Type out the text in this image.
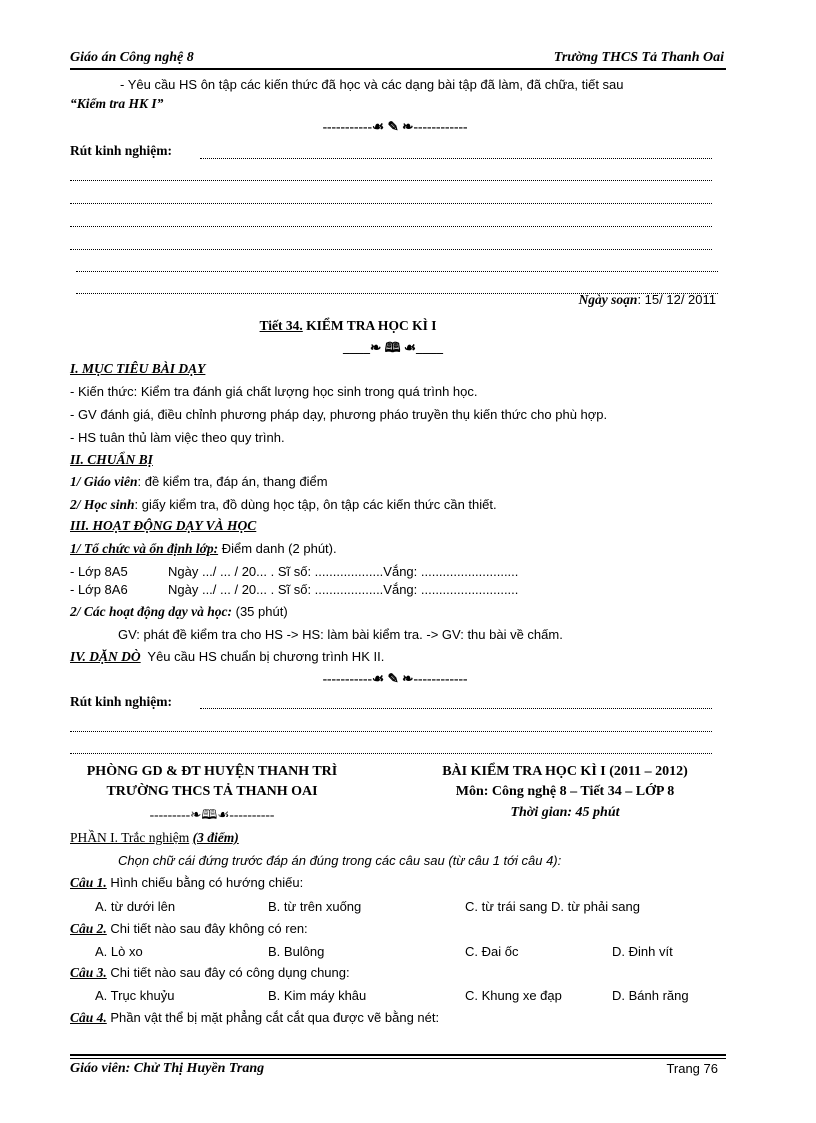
Giáo án Công nghệ 8	Trường THCS Tả Thanh Oai
- Yêu cầu HS ôn tập các kiến thức đã học và các dạng bài tập đã làm, đã chữa, tiết sau
“Kiểm tra HK I”
-----------☙ ✎ ❧------------
Rút kinh nghiệm:
Ngày soạn: 15/ 12/ 2011
Tiết 34. KIỂM TRA HỌC KÌ I
____❧ 🕮 ☙____
I. MỤC TIÊU BÀI DẠY
- Kiến thức: Kiểm tra đánh giá chất lượng học sinh trong quá trình học.
- GV đánh giá, điều chỉnh phương pháp dạy, phương pháo truyền thụ kiến thức cho phù hợp.
- HS tuân thủ làm việc theo quy trình.
II. CHUẨN BỊ
1/ Giáo viên: đề kiểm tra, đáp án, thang điểm
2/ Học sinh: giấy kiểm tra, đồ dùng học tập, ôn tập các kiến thức cần thiết.
III. HOẠT ĐỘNG DẠY VÀ HỌC
1/ Tổ chức và ổn định lớp: Điểm danh (2 phút).
- Lớp 8A5	Ngày .../ ... / 20... . Sĩ số: ...................Vắng: ...........................
- Lớp 8A6	Ngày .../ ... / 20... . Sĩ số: ...................Vắng: ...........................
2/ Các hoạt động dạy và học: (35 phút)
GV: phát đề kiểm tra cho HS -> HS: làm bài kiểm tra. -> GV: thu bài về chấm.
IV. DẶN DÒ Yêu cầu HS chuẩn bị chương trình HK II.
-----------☙ ✎ ❧------------
Rút kinh nghiệm:
PHÒNG GD & ĐT HUYỆN THANH TRÌ
TRƯỜNG THCS TẢ THANH OAI
---------❧🕮☙----------
BÀI KIỂM TRA HỌC KÌ I (2011 – 2012)
Môn: Công nghệ 8 – Tiết 34 – LỚP 8
Thời gian: 45 phút
PHẦN I. Trắc nghiệm (3 điểm)
Chọn chữ cái đứng trước đáp án đúng trong các câu sau (từ câu 1 tới câu 4):
Câu 1. Hình chiếu bằng có hướng chiếu:
A. từ dưới lên	B. từ trên xuống	C. từ trái sang D. từ phải sang
Câu 2. Chi tiết nào sau đây không có ren:
A. Lò xo	B. Bulông	C. Đai ốc	D. Đinh vít
Câu 3. Chi tiết nào sau đây có công dụng chung:
A. Trục khuỷu	B. Kim máy khâu	C. Khung xe đạp	D. Bánh răng
Câu 4. Phần vật thể bị mặt phẳng cắt cắt qua được vẽ bằng nét:
Giáo viên: Chử Thị Huyền Trang	Trang 76
